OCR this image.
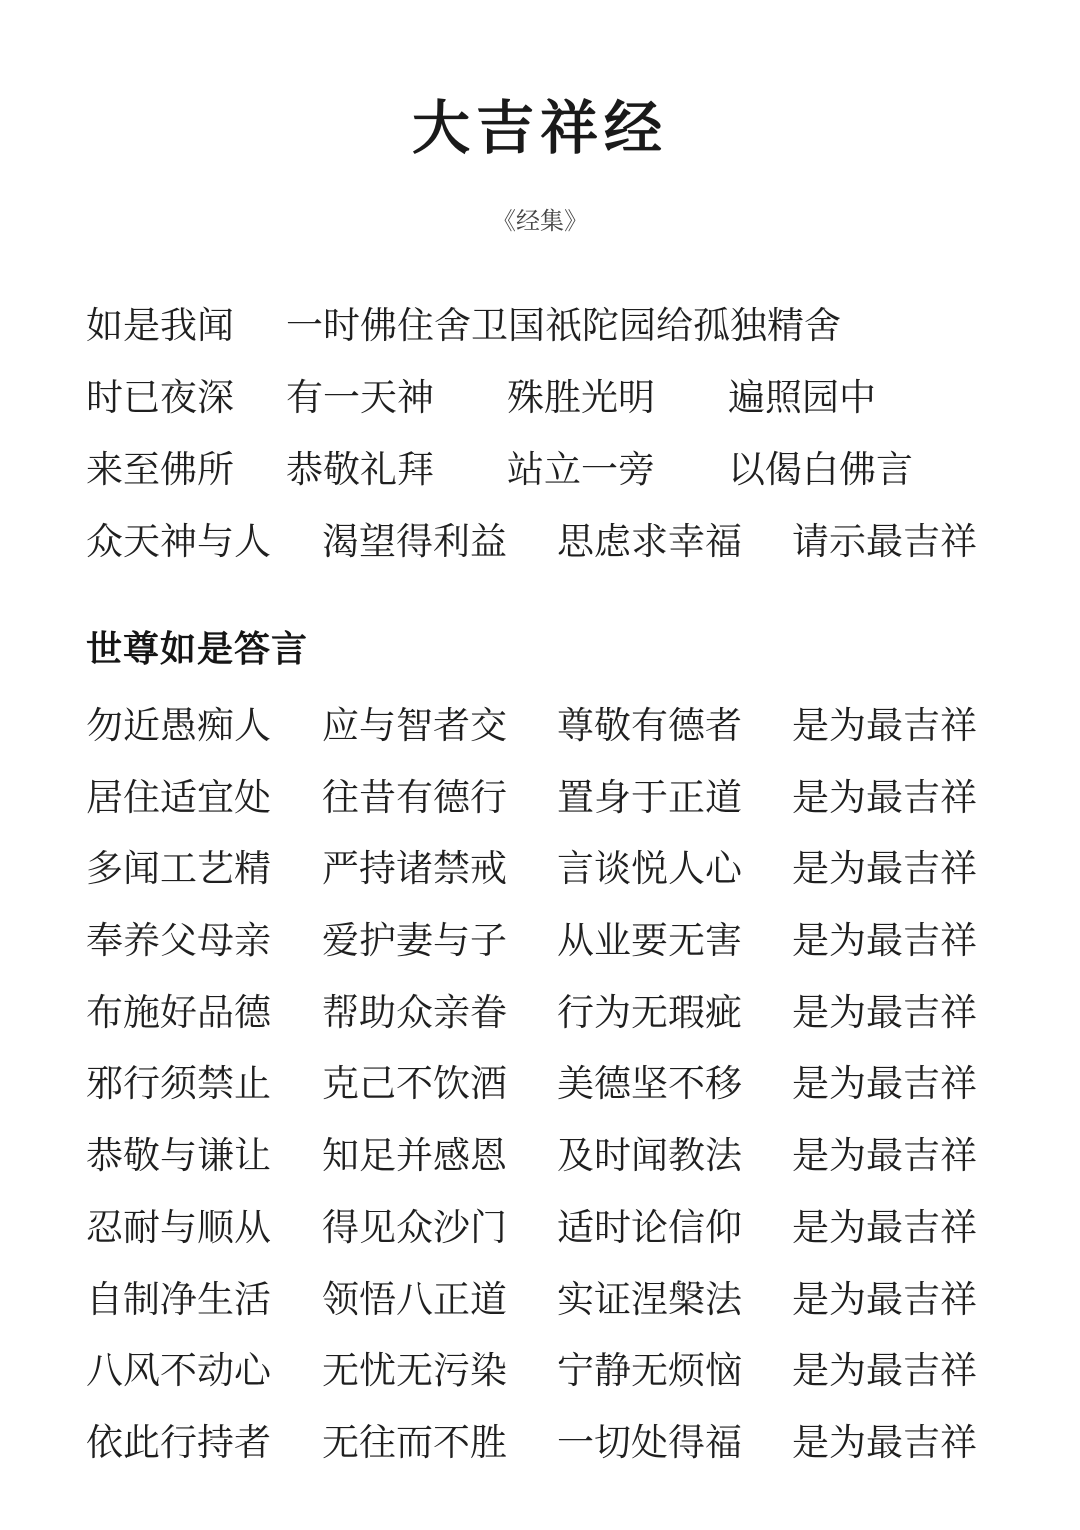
大吉祥经
《经集》
如是我闻 一时佛住舍卫国祇陀园给孤独精舍
时已夜深 有一天神 殊胜光明 遍照园中
来至佛所 恭敬礼拜 站立一旁 以偈白佛言
众天神与人 渴望得利益 思虑求幸福 请示最吉祥
世尊如是答言
勿近愚痴人 应与智者交 尊敬有德者 是为最吉祥
居住适宜处 往昔有德行 置身于正道 是为最吉祥
多闻工艺精 严持诸禁戒 言谈悦人心 是为最吉祥
奉养父母亲 爱护妻与子 从业要无害 是为最吉祥
布施好品德 帮助众亲眷 行为无瑕疵 是为最吉祥
邪行须禁止 克己不饮酒 美德坚不移 是为最吉祥
恭敬与谦让 知足并感恩 及时闻教法 是为最吉祥
忍耐与顺从 得见众沙门 适时论信仰 是为最吉祥
自制净生活 领悟八正道 实证涅槃法 是为最吉祥
八风不动心 无忧无污染 宁静无烦恼 是为最吉祥
依此行持者 无往而不胜 一切处得福 是为最吉祥
